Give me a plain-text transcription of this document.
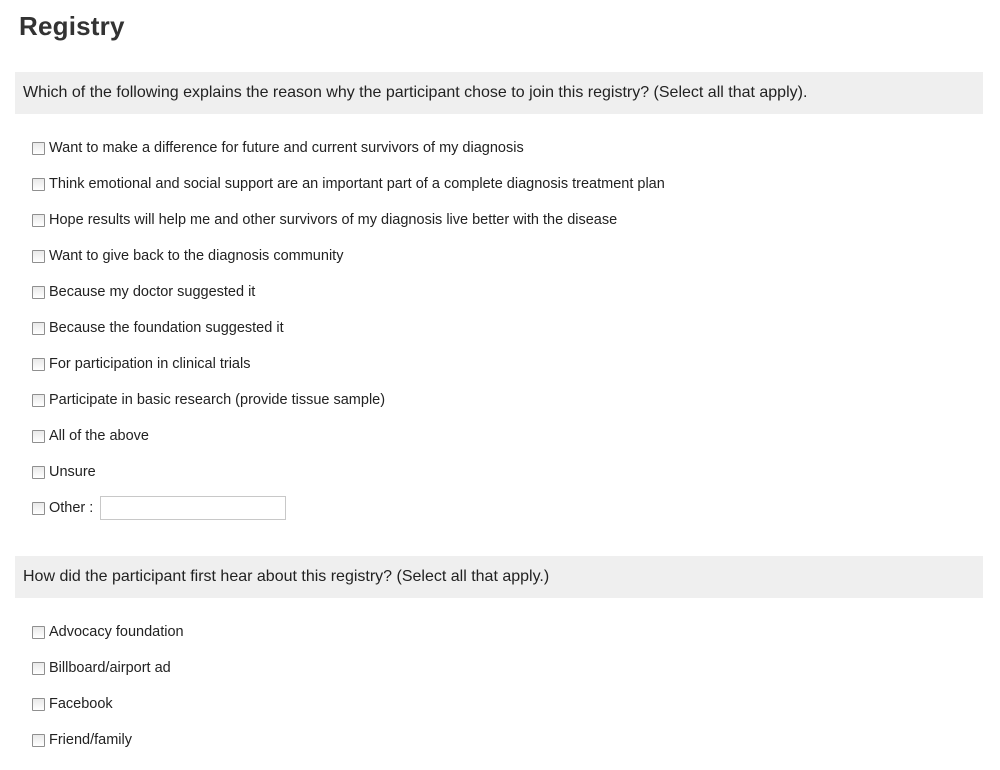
Registry
Which of the following explains the reason why the participant chose to join this registry? (Select all that apply).
Want to make a difference for future and current survivors of my diagnosis
Think emotional and social support are an important part of a complete diagnosis treatment plan
Hope results will help me and other survivors of my diagnosis live better with the disease
Want to give back to the diagnosis community
Because my doctor suggested it
Because the foundation suggested it
For participation in clinical trials
Participate in basic research (provide tissue sample)
All of the above
Unsure
Other :
How did the participant first hear about this registry? (Select all that apply.)
Advocacy foundation
Billboard/airport ad
Facebook
Friend/family
